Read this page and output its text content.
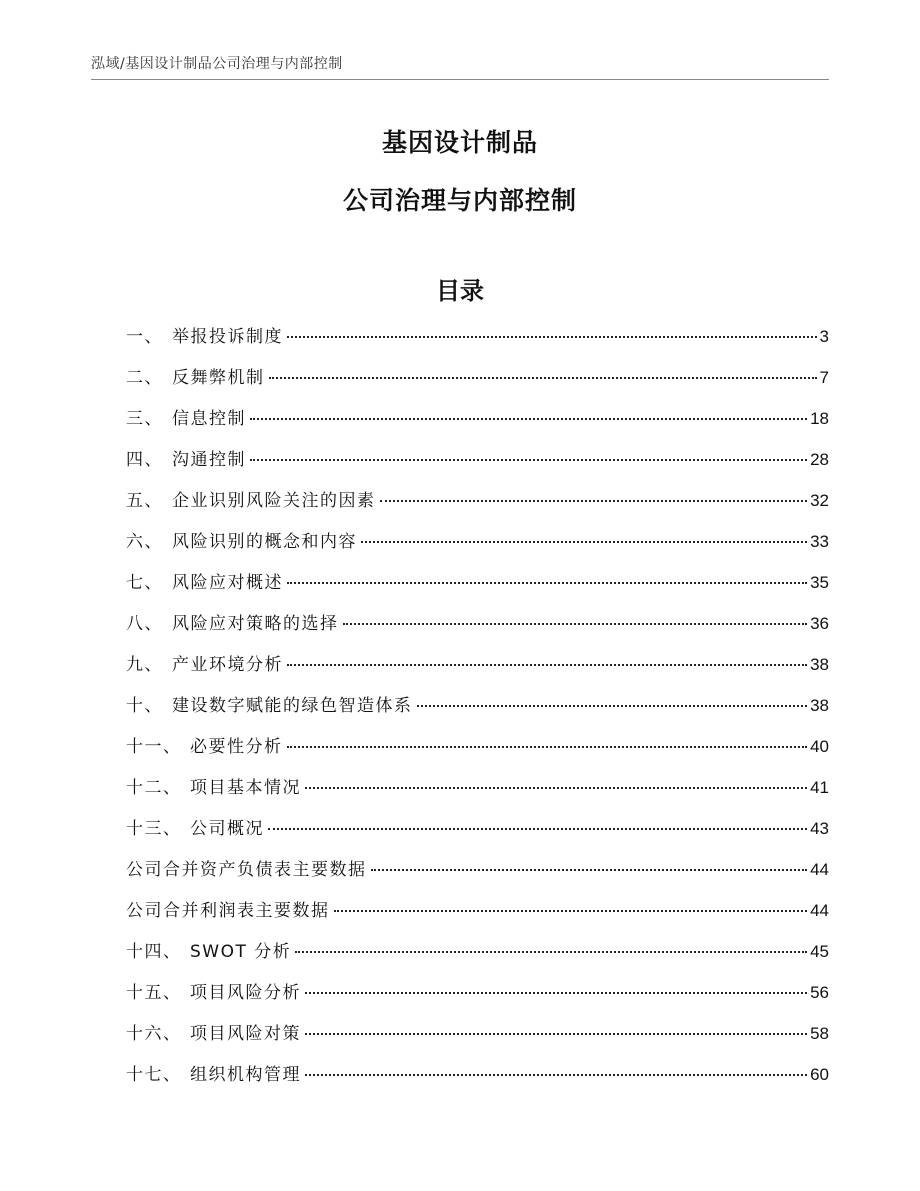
泓域/基因设计制品公司治理与内部控制
基因设计制品
公司治理与内部控制
目录
一、 举报投诉制度	3
二、 反舞弊机制	7
三、 信息控制	18
四、 沟通控制	28
五、 企业识别风险关注的因素	32
六、 风险识别的概念和内容	33
七、 风险应对概述	35
八、 风险应对策略的选择	36
九、 产业环境分析	38
十、 建设数字赋能的绿色智造体系	38
十一、 必要性分析	40
十二、 项目基本情况	41
十三、 公司概况	43
公司合并资产负债表主要数据	44
公司合并利润表主要数据	44
十四、 SWOT 分析	45
十五、 项目风险分析	56
十六、 项目风险对策	58
十七、 组织机构管理	60
